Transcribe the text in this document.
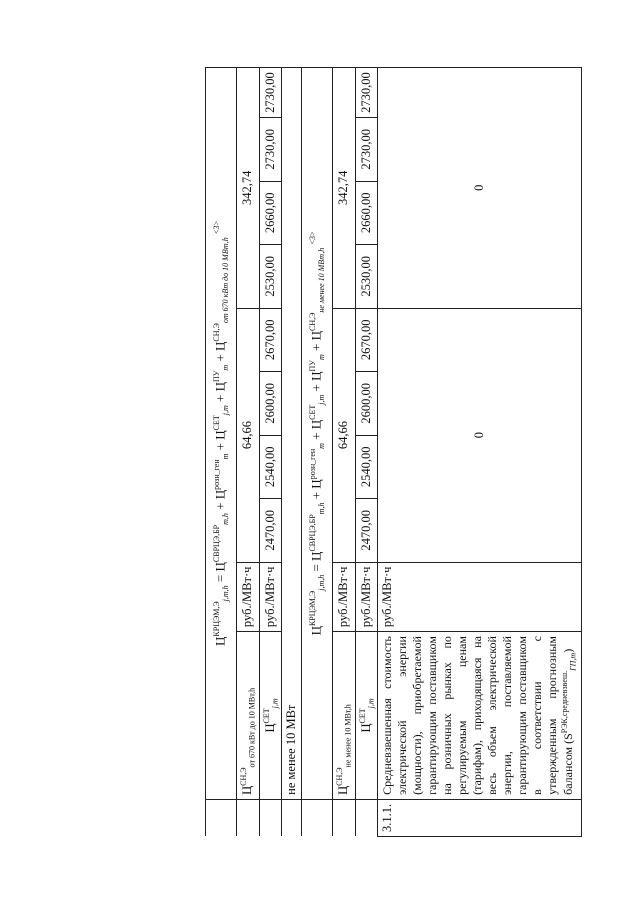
	$Ц^{КРЦЭМ,Э}_{j,m,h} = Ц^{СВРЦЭ,БР}_{m,h} + Ц^{розн\_ген}_m + Ц^{СЕТ}_{j,m} + Ц^{ПУ}_m + Ц^{СН,Э}_{от 670 кВт до 10 МВт,h}$ $^{<3>}$
	$Ц^{СН,Э}_{от 670 кВт до 10 МВт,h}$	руб./МВт·ч	64,66				342,74			
	$Ц^{СЕТ}_{j,m}$	руб./МВт·ч	2470,00	2540,00	2600,00	2670,00	2530,00	2660,00	2730,00	2730,00
	не менее 10 МВт									
	$Ц^{КРЦЭМ,Э}_{j,m,h} = Ц^{СВРЦЭ,БР}_{m,h} + Ц^{розн\_ген}_m + Ц^{СЕТ}_{j,m} + Ц^{ПУ}_m + Ц^{СН,Э}_{не менее 10 МВт,h}$ $^{<3>}$
	$Ц^{СН,Э}_{не менее 10 МВт,h}$	руб./МВт·ч	64,66				342,74			
	$Ц^{СЕТ}_{j,m}$	руб./МВт·ч	2470,00	2540,00	2600,00	2670,00	2530,00	2660,00	2730,00	2730,00
3.1.1.	Средневзвешенная стоимость электрической энергии (мощности), приобретаемой гарантирующим поставщиком на розничных рынках по регулируемым ценам (тарифам), приходящаяся на весь объем электрической энергии, поставляемой гарантирующим поставщиком в соответствии с утвержденным прогнозным балансом $(S^{РЭК,средневзвеш.}_{ГП,m})$	руб./МВт·ч	0				0			
